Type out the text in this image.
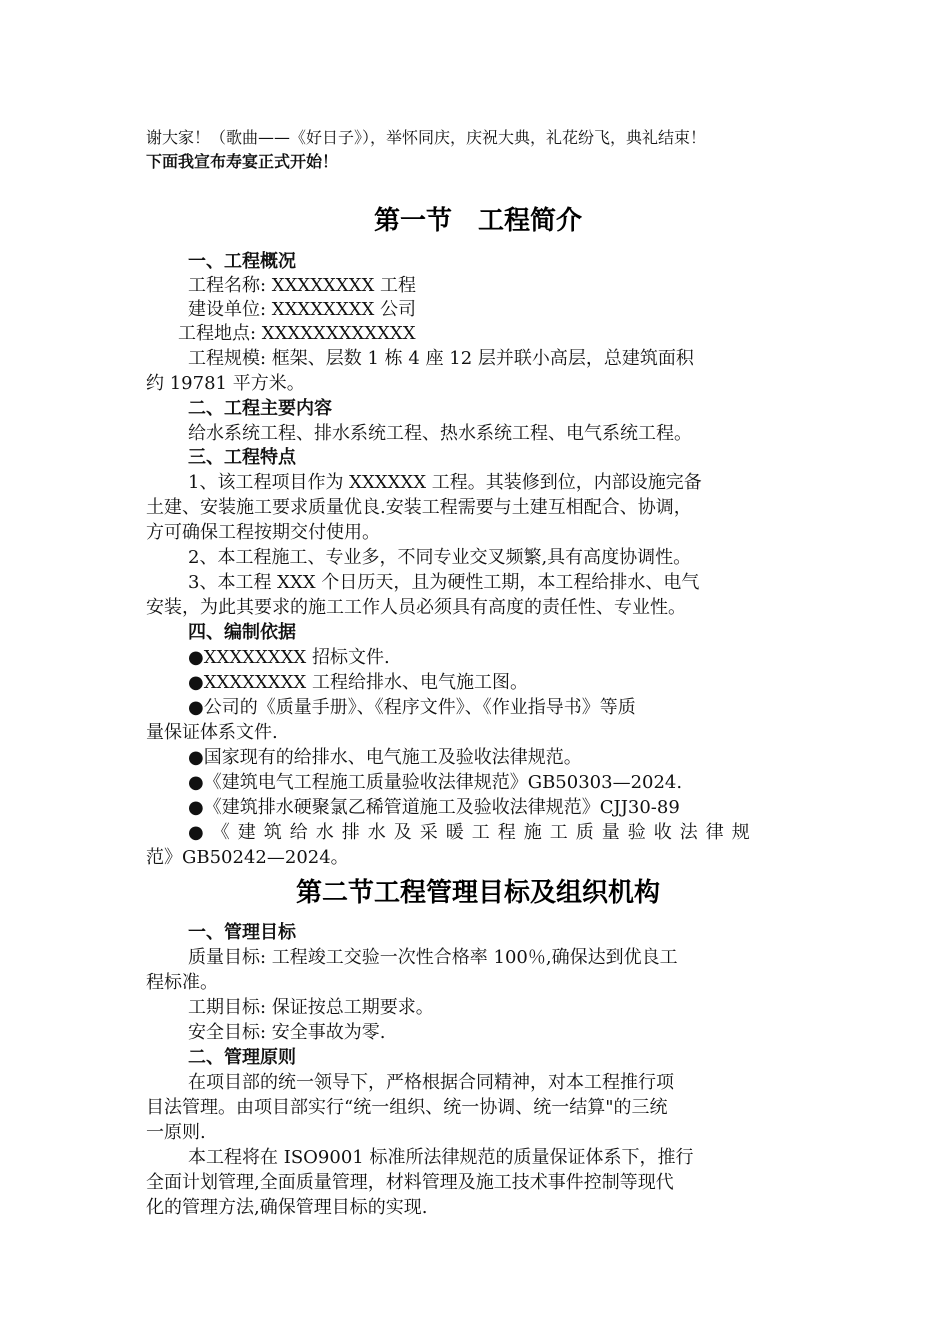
谢大家！（歌曲——《好日子》），举怀同庆，庆祝大典，礼花纷飞，典礼结束！
下面我宣布寿宴正式开始！
第一节　工程简介
一、工程概况
工程名称: XXXXXXXX 工程
建设单位: XXXXXXXX 公司
工程地点: XXXXXXXXXXXX
工程规模: 框架、层数 1 栋 4 座 12 层并联小高层，总建筑面积
约 19781 平方米。
二、工程主要内容
给水系统工程、排水系统工程、热水系统工程、电气系统工程。
三、工程特点
1、该工程项目作为 XXXXXX 工程。其装修到位，内部设施完备
土建、安装施工要求质量优良.安装工程需要与土建互相配合、协调，
方可确保工程按期交付使用。
2、本工程施工、专业多，不同专业交叉频繁,具有高度协调性。
3、本工程 XXX 个日历天，且为硬性工期，本工程给排水、电气
安装，为此其要求的施工工作人员必须具有高度的责任性、专业性。
四、编制依据
●XXXXXXXX 招标文件.
●XXXXXXXX 工程给排水、电气施工图。
●公司的《质量手册》、《程序文件》、《作业指导书》等质
量保证体系文件.
●国家现有的给排水、电气施工及验收法律规范。
●《建筑电气工程施工质量验收法律规范》GB50303—2024.
●《建筑排水硬聚氯乙稀管道施工及验收法律规范》CJJ30-89
●《建筑给水排水及采暖工程施工质量验收法律规
范》GB50242—2024。
第二节工程管理目标及组织机构
一、管理目标
质量目标: 工程竣工交验一次性合格率 100％,确保达到优良工
程标准。
工期目标: 保证按总工期要求。
安全目标: 安全事故为零.
二、管理原则
在项目部的统一领导下，严格根据合同精神，对本工程推行项
目法管理。由项目部实行“统一组织、统一协调、统一结算"的三统
一原则.
本工程将在 ISO9001 标准所法律规范的质量保证体系下，推行
全面计划管理,全面质量管理，材料管理及施工技术事件控制等现代
化的管理方法,确保管理目标的实现.
